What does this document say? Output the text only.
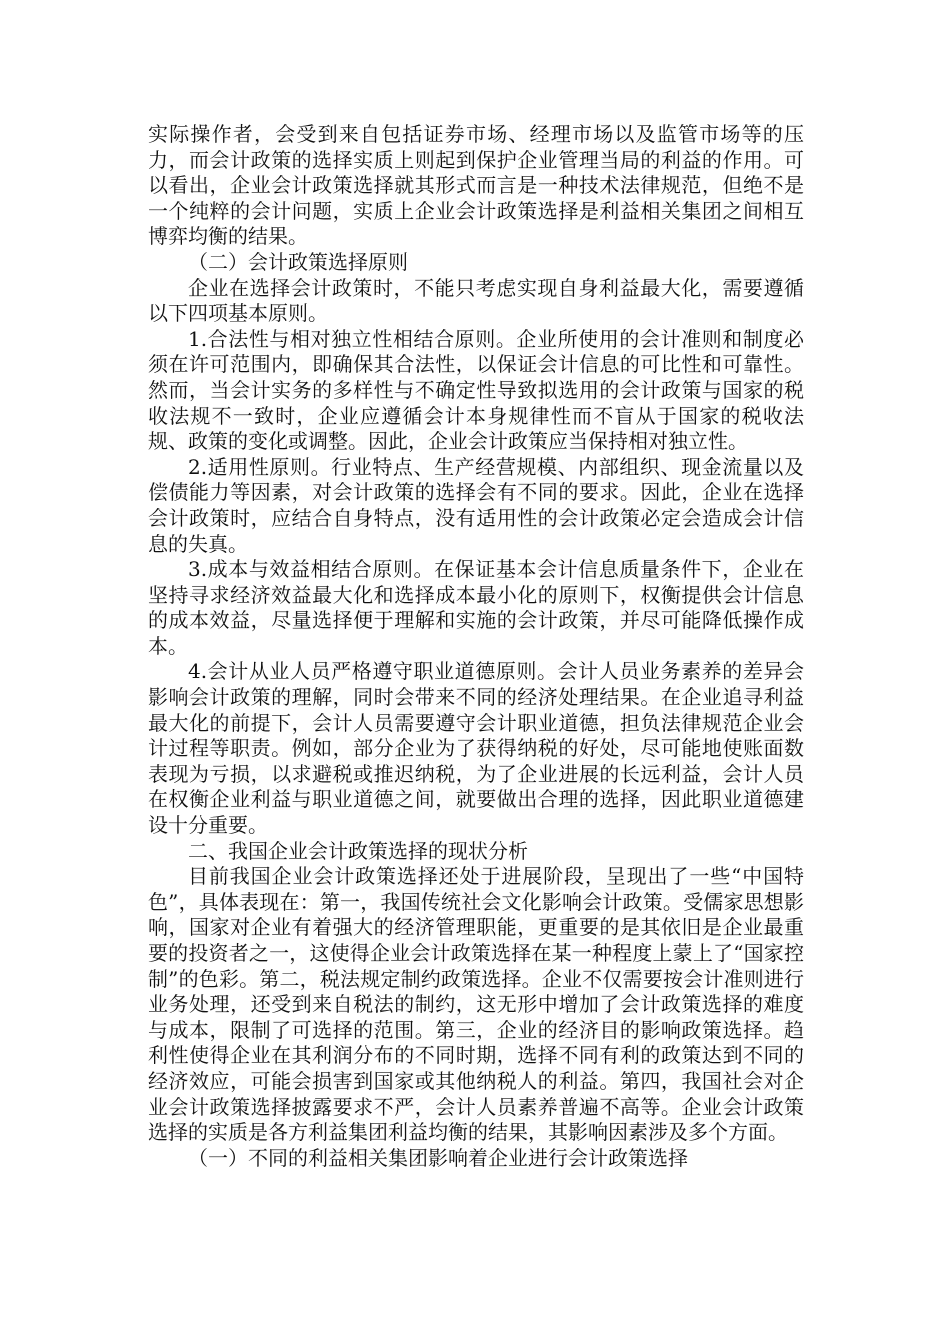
实际操作者，会受到来自包括证券市场、经理市场以及监管市场等的压力，而会计政策的选择实质上则起到保护企业管理当局的利益的作用。可以看出，企业会计政策选择就其形式而言是一种技术法律规范，但绝不是一个纯粹的会计问题，实质上企业会计政策选择是利益相关集团之间相互博弈均衡的结果。

（二）会计政策选择原则

企业在选择会计政策时，不能只考虑实现自身利益最大化，需要遵循以下四项基本原则。

1.合法性与相对独立性相结合原则。企业所使用的会计准则和制度必须在许可范围内，即确保其合法性，以保证会计信息的可比性和可靠性。然而，当会计实务的多样性与不确定性导致拟选用的会计政策与国家的税收法规不一致时，企业应遵循会计本身规律性而不盲从于国家的税收法规、政策的变化或调整。因此，企业会计政策应当保持相对独立性。

2.适用性原则。行业特点、生产经营规模、内部组织、现金流量以及偿债能力等因素，对会计政策的选择会有不同的要求。因此，企业在选择会计政策时，应结合自身特点，没有适用性的会计政策必定会造成会计信息的失真。

3.成本与效益相结合原则。在保证基本会计信息质量条件下，企业在坚持寻求经济效益最大化和选择成本最小化的原则下，权衡提供会计信息的成本效益，尽量选择便于理解和实施的会计政策，并尽可能降低操作成本。

4.会计从业人员严格遵守职业道德原则。会计人员业务素养的差异会影响会计政策的理解，同时会带来不同的经济处理结果。在企业追寻利益最大化的前提下，会计人员需要遵守会计职业道德，担负法律规范企业会计过程等职责。例如，部分企业为了获得纳税的好处，尽可能地使账面数表现为亏损，以求避税或推迟纳税，为了企业进展的长远利益，会计人员在权衡企业利益与职业道德之间，就要做出合理的选择，因此职业道德建设十分重要。

二、我国企业会计政策选择的现状分析

目前我国企业会计政策选择还处于进展阶段，呈现出了一些“中国特色”，具体表现在：第一，我国传统社会文化影响会计政策。受儒家思想影响，国家对企业有着强大的经济管理职能，更重要的是其依旧是企业最重要的投资者之一，这使得企业会计政策选择在某一种程度上蒙上了“国家控制”的色彩。第二，税法规定制约政策选择。企业不仅需要按会计准则进行业务处理，还受到来自税法的制约，这无形中增加了会计政策选择的难度与成本，限制了可选择的范围。第三，企业的经济目的影响政策选择。趋利性使得企业在其利润分布的不同时期，选择不同有利的政策达到不同的经济效应，可能会损害到国家或其他纳税人的利益。第四，我国社会对企业会计政策选择披露要求不严，会计人员素养普遍不高等。企业会计政策选择的实质是各方利益集团利益均衡的结果，其影响因素涉及多个方面。

（一）不同的利益相关集团影响着企业进行会计政策选择
